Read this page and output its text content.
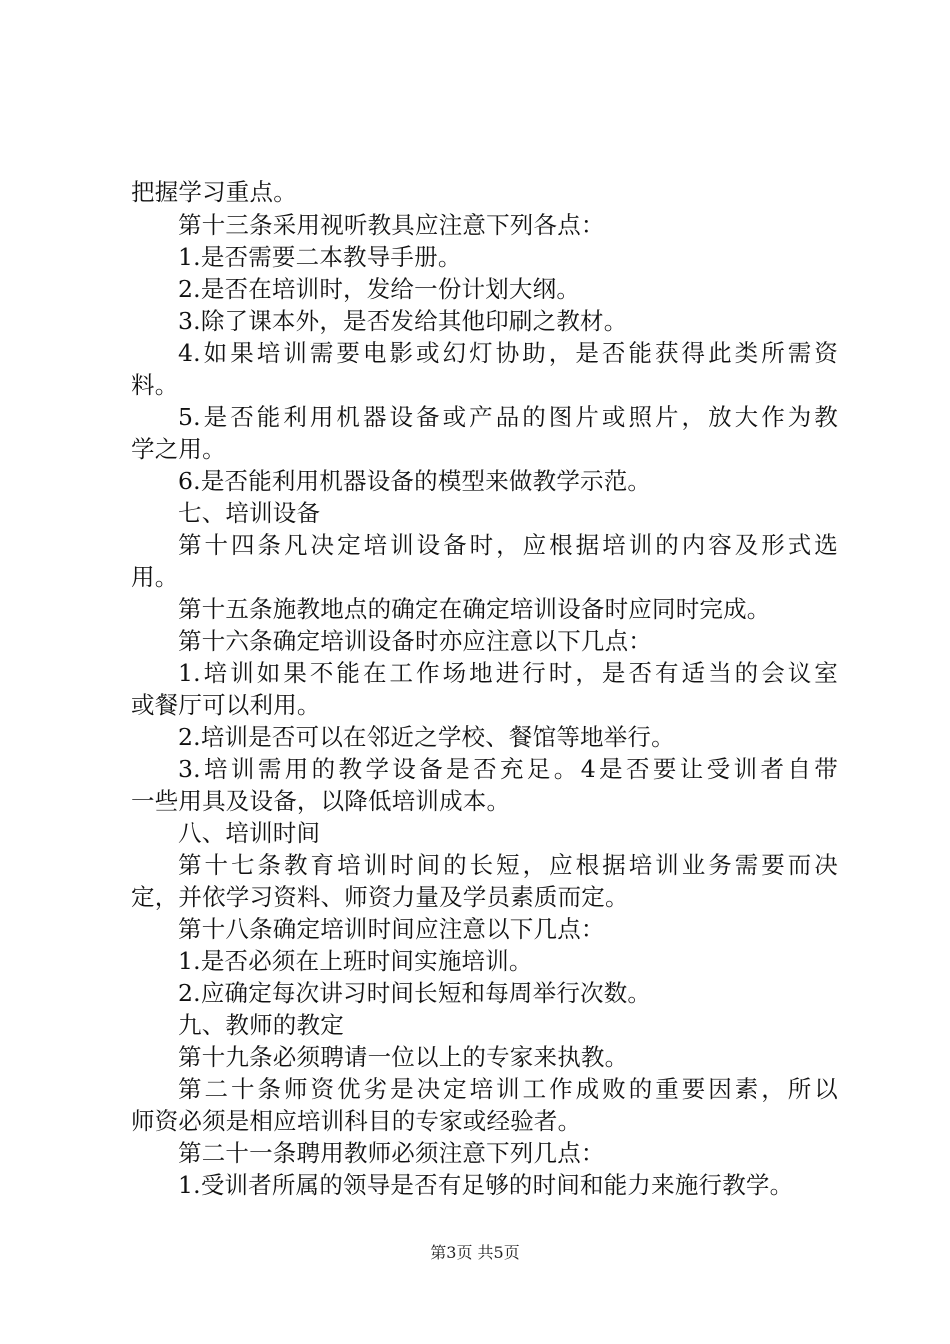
把握学习重点。

第十三条采用视听教具应注意下列各点：

1.是否需要二本教导手册。

2.是否在培训时，发给一份计划大纲。

3.除了课本外，是否发给其他印刷之教材。

4.如果培训需要电影或幻灯协助，是否能获得此类所需资

料。

5.是否能利用机器设备或产品的图片或照片，放大作为教

学之用。

6.是否能利用机器设备的模型来做教学示范。

七、培训设备

第十四条凡决定培训设备时，应根据培训的内容及形式选

用。

第十五条施教地点的确定在确定培训设备时应同时完成。

第十六条确定培训设备时亦应注意以下几点：

1.培训如果不能在工作场地进行时，是否有适当的会议室

或餐厅可以利用。

2.培训是否可以在邻近之学校、餐馆等地举行。

3.培训需用的教学设备是否充足。4是否要让受训者自带

一些用具及设备，以降低培训成本。

八、培训时间

第十七条教育培训时间的长短，应根据培训业务需要而决

定，并依学习资料、师资力量及学员素质而定。

第十八条确定培训时间应注意以下几点：

1.是否必须在上班时间实施培训。

2.应确定每次讲习时间长短和每周举行次数。

九、教师的教定

第十九条必须聘请一位以上的专家来执教。

第二十条师资优劣是决定培训工作成败的重要因素，所以

师资必须是相应培训科目的专家或经验者。

第二十一条聘用教师必须注意下列几点：

1.受训者所属的领导是否有足够的时间和能力来施行教学。

第3页 共5页
